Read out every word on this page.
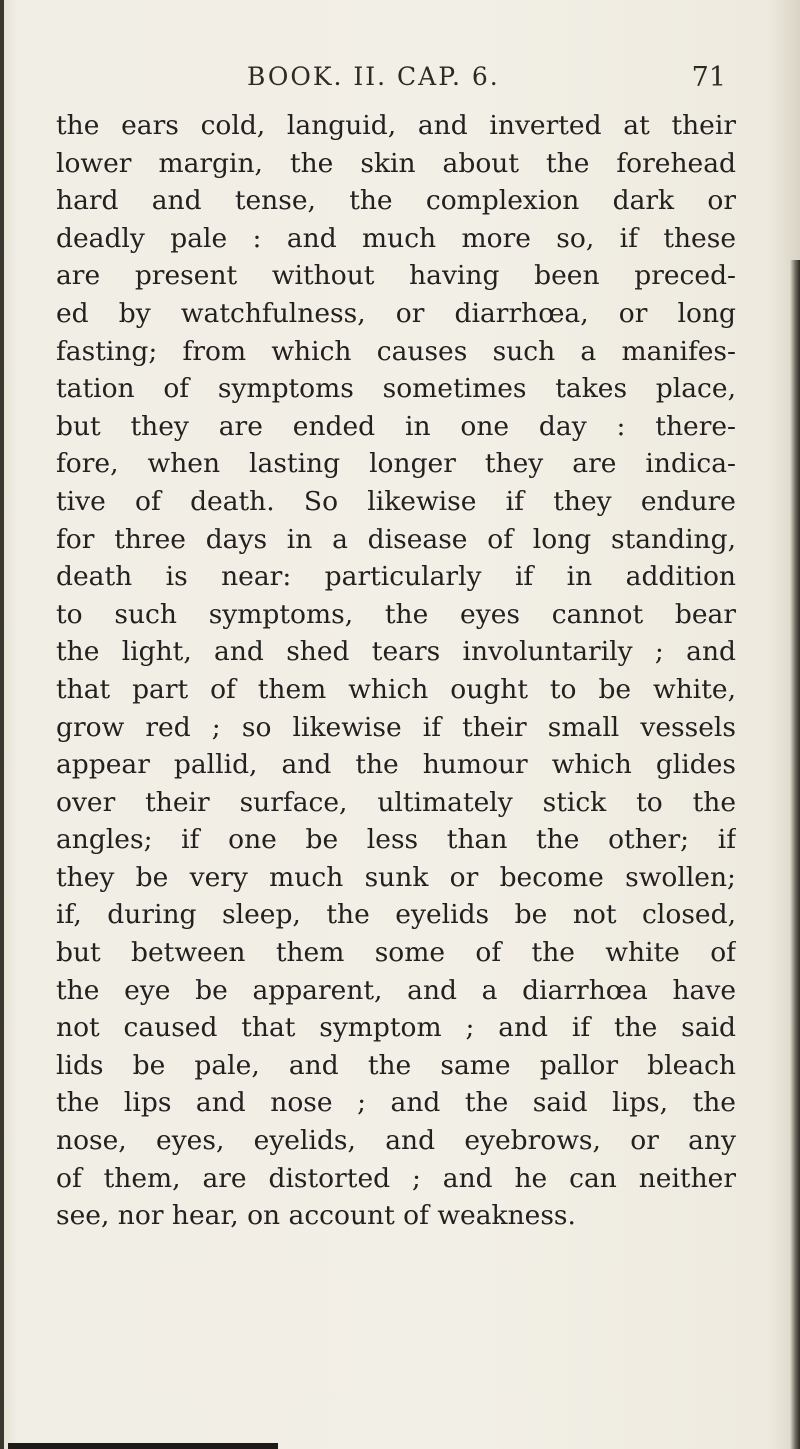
BOOK. II. CAP. 6.	71
the ears cold, languid, and inverted at their
lower margin, the skin about the forehead
hard and tense, the complexion dark or
deadly pale : and much more so, if these
are present without having been preced-
ed by watchfulness, or diarrhœa, or long
fasting; from which causes such a manifes-
tation of symptoms sometimes takes place,
but they are ended in one day : there-
fore, when lasting longer they are indica-
tive of death. So likewise if they endure
for three days in a disease of long standing,
death is near: particularly if in addition
to such symptoms, the eyes cannot bear
the light, and shed tears involuntarily ; and
that part of them which ought to be white,
grow red ; so likewise if their small vessels
appear pallid, and the humour which glides
over their surface, ultimately stick to the
angles; if one be less than the other; if
they be very much sunk or become swollen;
if, during sleep, the eyelids be not closed,
but between them some of the white of
the eye be apparent, and a diarrhœa have
not caused that symptom ; and if the said
lids be pale, and the same pallor bleach
the lips and nose ; and the said lips, the
nose, eyes, eyelids, and eyebrows, or any
of them, are distorted ; and he can neither
see, nor hear, on account of weakness.
